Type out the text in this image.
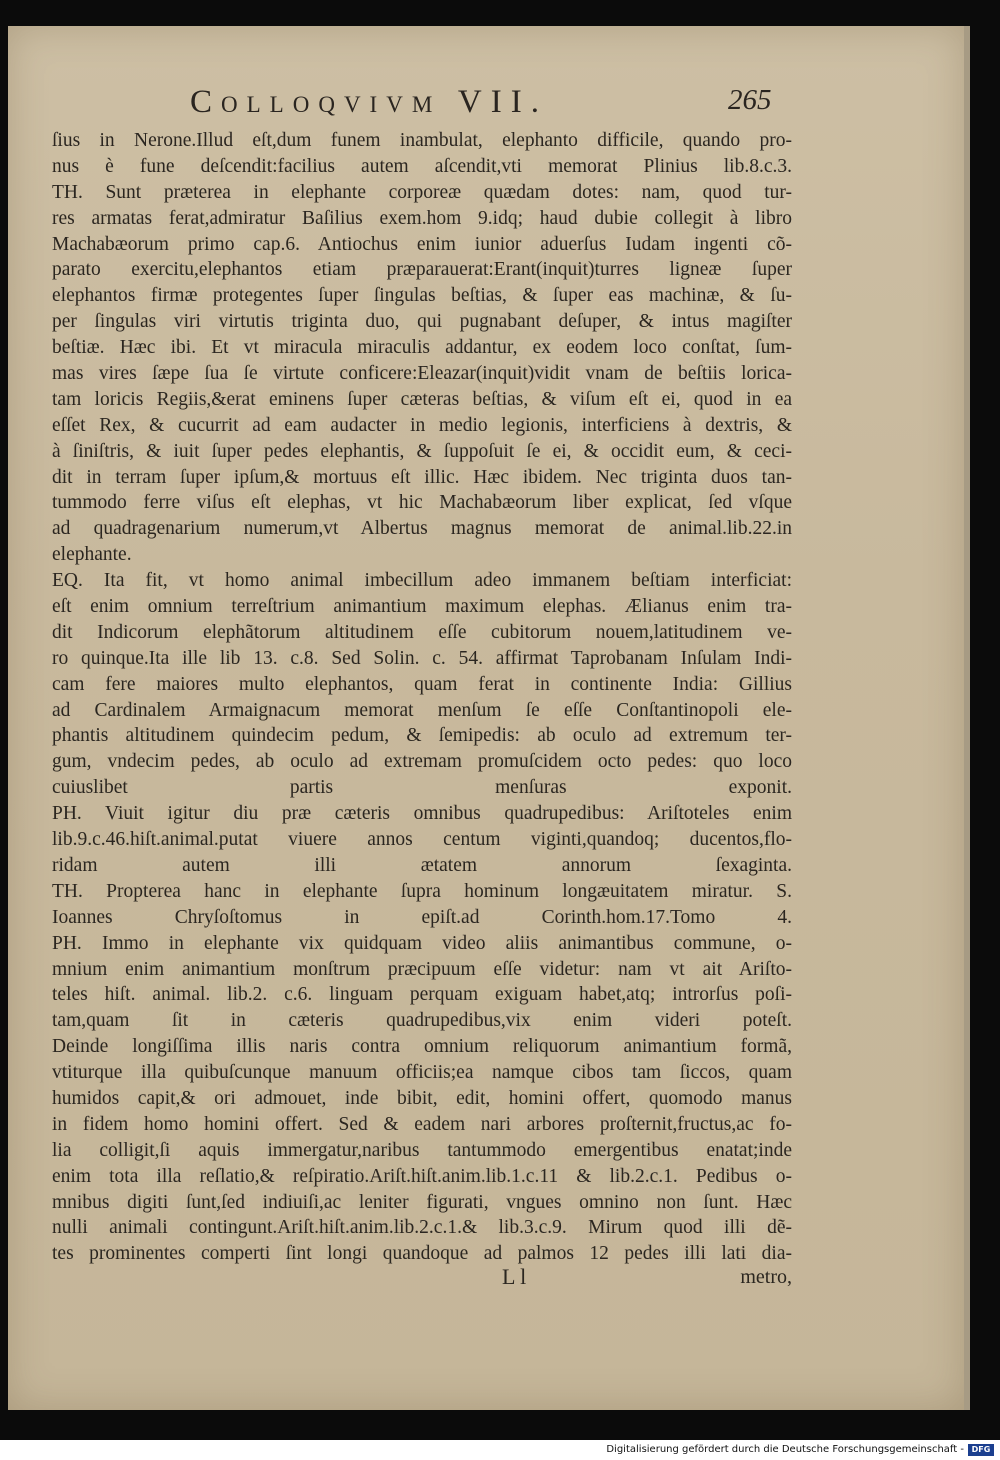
Colloqvivm VII.	265
ſius in Nerone.Illud eſt,dum funem inambulat, elephanto difficile, quando pro-
nus è fune deſcendit:facilius autem aſcendit,vti memorat Plinius lib.8.c.3.
TH. Sunt præterea in elephante corporeæ quædam dotes: nam, quod tur-
res armatas ferat,admiratur Baſilius exem.hom 9.idq; haud dubie collegit à libro
Machabæorum primo cap.6. Antiochus enim iunior aduerſus Iudam ingenti cõ-
parato exercitu,elephantos etiam præparauerat:Erant(inquit)turres ligneæ ſuper
elephantos firmæ protegentes ſuper ſingulas beſtias, & ſuper eas machinæ, & ſu-
per ſingulas viri virtutis triginta duo, qui pugnabant deſuper, & intus magiſter
beſtiæ. Hæc ibi. Et vt miracula miraculis addantur, ex eodem loco conſtat, ſum-
mas vires ſæpe ſua ſe virtute conficere:Eleazar(inquit)vidit vnam de beſtiis lorica-
tam loricis Regiis,&erat eminens ſuper cæteras beſtias, & viſum eſt ei, quod in ea
eſſet Rex, & cucurrit ad eam audacter in medio legionis, interficiens à dextris, &
à ſiniſtris, & iuit ſuper pedes elephantis, & ſuppoſuit ſe ei, & occidit eum, & ceci-
dit in terram ſuper ipſum,& mortuus eſt illic. Hæc ibidem. Nec triginta duos tan-
tummodo ferre viſus eſt elephas, vt hic Machabæorum liber explicat, ſed vſque
ad quadragenarium numerum,vt Albertus magnus memorat de animal.lib.22.in
elephante.
EQ. Ita fit, vt homo animal imbecillum adeo immanem beſtiam interficiat:
eſt enim omnium terreſtrium animantium maximum elephas. Ælianus enim tra-
dit Indicorum elephãtorum altitudinem eſſe cubitorum nouem,latitudinem ve-
ro quinque.Ita ille lib 13. c.8. Sed Solin. c. 54. affirmat Taprobanam Inſulam Indi-
cam fere maiores multo elephantos, quam ferat in continente India: Gillius
ad Cardinalem Armaignacum memorat menſum ſe eſſe Conſtantinopoli ele-
phantis altitudinem quindecim pedum, & ſemipedis: ab oculo ad extremum ter-
gum, vndecim pedes, ab oculo ad extremam promuſcidem octo pedes: quo loco
cuiuslibet partis menſuras exponit.
PH. Viuit igitur diu præ cæteris omnibus quadrupedibus: Ariſtoteles enim
lib.9.c.46.hiſt.animal.putat viuere annos centum viginti,quandoq; ducentos,flo-
ridam autem illi ætatem annorum ſexaginta.
TH. Propterea hanc in elephante ſupra hominum longæuitatem miratur. S.
Ioannes Chryſoſtomus in epiſt.ad Corinth.hom.17.Tomo 4.
PH. Immo in elephante vix quidquam video aliis animantibus commune, o-
mnium enim animantium monſtrum præcipuum eſſe videtur: nam vt ait Ariſto-
teles hiſt. animal. lib.2. c.6. linguam perquam exiguam habet,atq; introrſus poſi-
tam,quam ſit in cæteris quadrupedibus,vix enim videri poteſt.
Deinde longiſſima illis naris contra omnium reliquorum animantium formã,
vtiturque illa quibuſcunque manuum officiis;ea namque cibos tam ſiccos, quam
humidos capit,& ori admouet, inde bibit, edit, homini offert, quomodo manus
in fidem homo homini offert. Sed & eadem nari arbores proſternit,fructus,ac fo-
lia colligit,ſi aquis immergatur,naribus tantummodo emergentibus enatat;inde
enim tota illa reſlatio,& reſpiratio.Ariſt.hiſt.anim.lib.1.c.11 & lib.2.c.1. Pedibus o-
mnibus digiti ſunt,ſed indiuiſi,ac leniter figurati, vngues omnino non ſunt. Hæc
nulli animali contingunt.Ariſt.hiſt.anim.lib.2.c.1.& lib.3.c.9. Mirum quod illi dẽ-
tes prominentes comperti ſint longi quandoque ad palmos 12 pedes illi lati dia-
L l	metro,
Digitalisierung gefördert durch die Deutsche Forschungsgemeinschaft - DFG
